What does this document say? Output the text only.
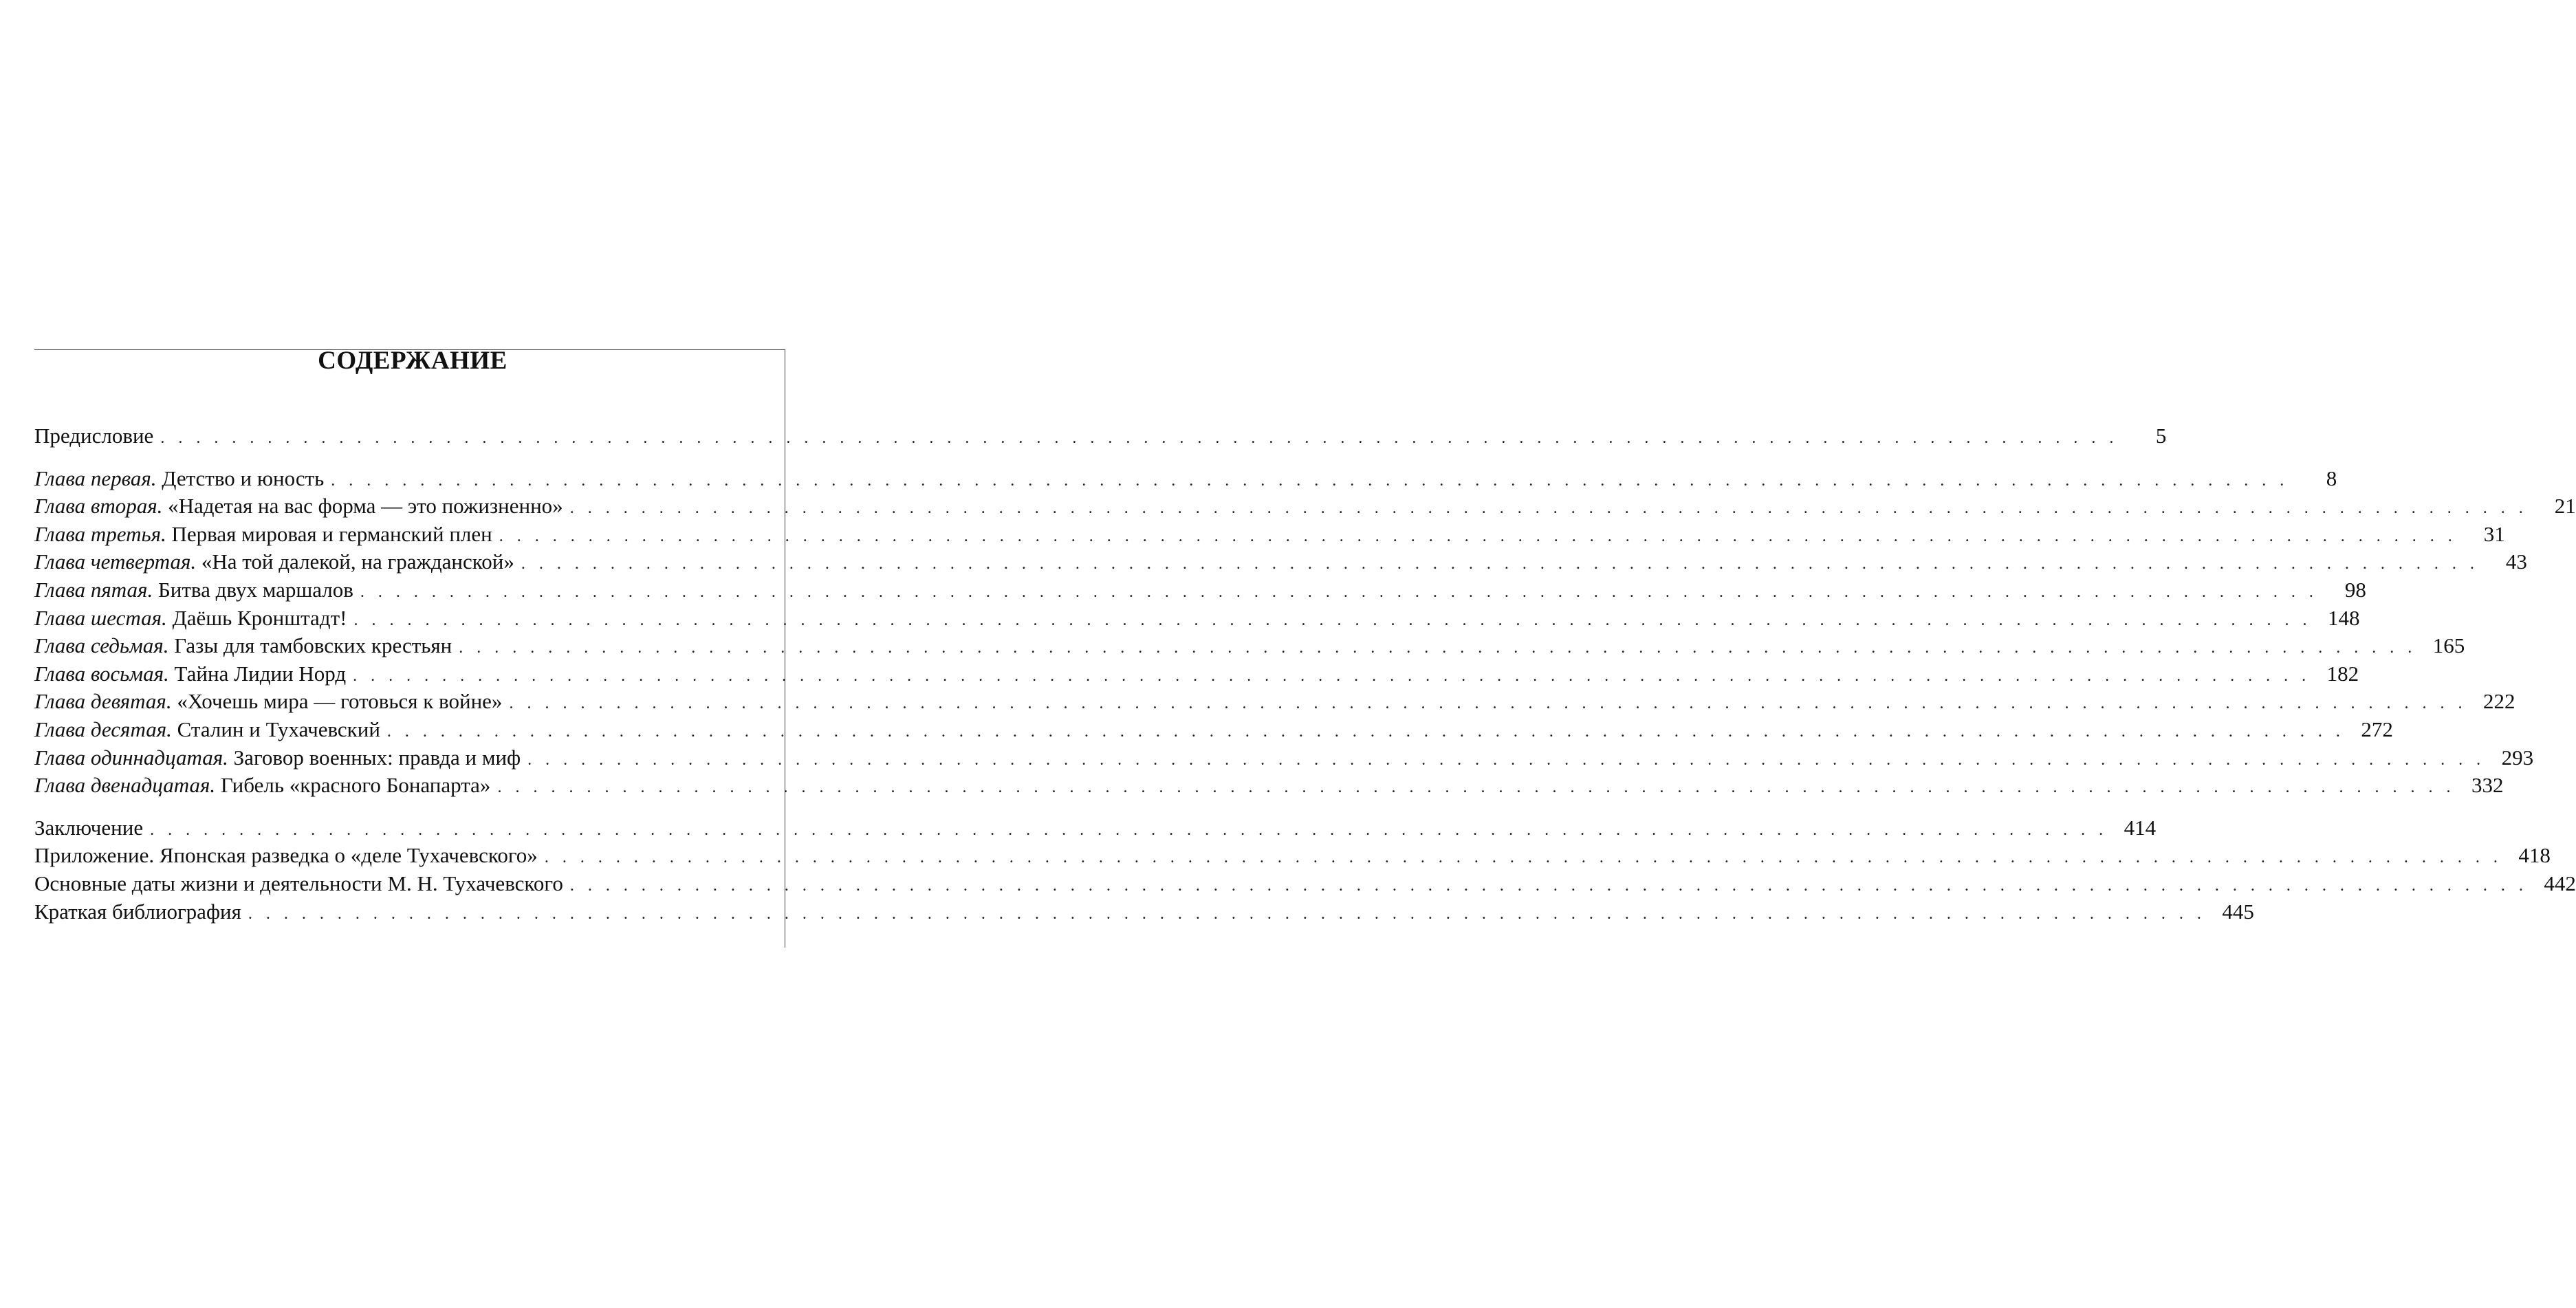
СОДЕРЖАНИЕ
Предисловие . . .	5
Глава первая. Детство и юность . . .	8
Глава вторая. «Надетая на вас форма — это пожизненно» . . .	21
Глава третья. Первая мировая и германский плен . . .	31
Глава четвертая. «На той далекой, на гражданской» . . .	43
Глава пятая. Битва двух маршалов . . .	98
Глава шестая. Даёшь Кронштадт! . . .	148
Глава седьмая. Газы для тамбовских крестьян . . .	165
Глава восьмая. Тайна Лидии Норд . . .	182
Глава девятая. «Хочешь мира — готовься к войне» . . .	222
Глава десятая. Сталин и Тухачевский . . .	272
Глава одиннадцатая. Заговор военных: правда и миф . . .	293
Глава двенадцатая. Гибель «красного Бонапарта» . . .	332
Заключение . . .	414
Приложение. Японская разведка о «деле Тухачевского» . . .	418
Основные даты жизни и деятельности М. Н. Тухачевского . . .	442
Краткая библиография . . .	445
